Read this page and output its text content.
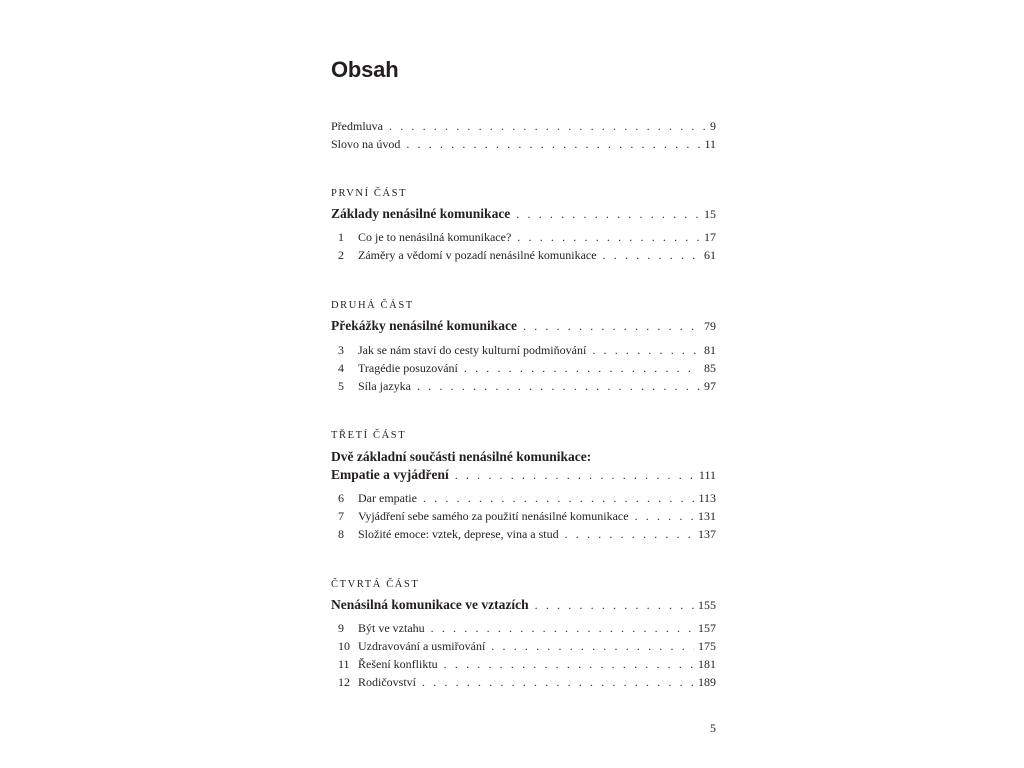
Obsah
Předmluva . . .	9
Slovo na úvod . . .	11
PRVNÍ ČÁST
Základy nenásilné komunikace . . .	15
1	Co je to nenásilná komunikace? . . .	17
2	Záměry a vědomí v pozadí nenásilné komunikace . . .	61
DRUHÁ ČÁST
Překážky nenásilné komunikace . . .	79
3	Jak se nám staví do cesty kulturní podmiňování . . .	81
4	Tragédie posuzování . . .	85
5	Síla jazyka . . .	97
TŘETÍ ČÁST
Dvě základní součásti nenásilné komunikace:
Empatie a vyjádření . . .	111
6	Dar empatie . . .	113
7	Vyjádření sebe samého za použití nenásilné komunikace . . .	131
8	Složité emoce: vztek, deprese, vina a stud . . .	137
ČTVRTÁ ČÁST
Nenásilná komunikace ve vztazích . . .	155
9	Být ve vztahu . . .	157
10 Uzdravování a usmiřování . . .	175
11 Řešení konfliktu . . .	181
12 Rodičovství . . .	189
5
